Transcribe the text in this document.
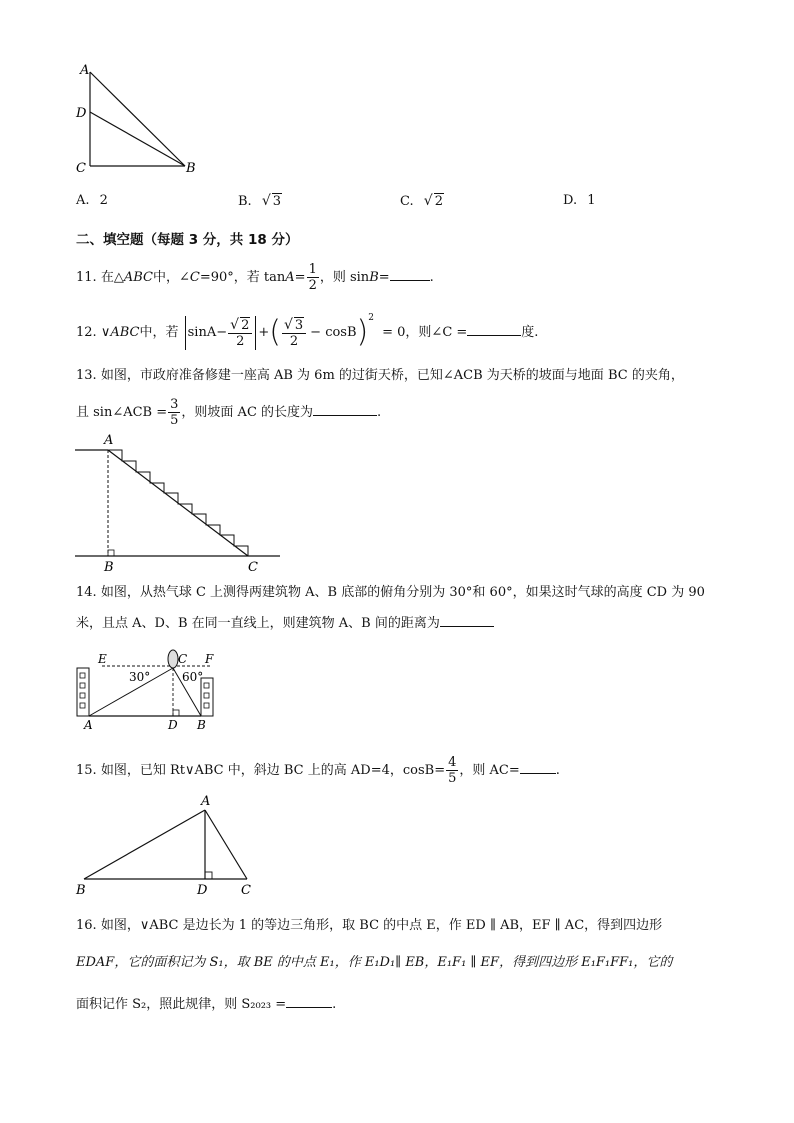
A
D
C	B
A. 2	B. √ 3	C. √ 2	D. 1
二、填空题（每题 3 分，共 18 分）
11. 在△ABC中，∠C=90°，若 $\tan A= \frac{1}{2}$ ，则 sinB=	.
12. ∨ABC中，若 $\sin A- \frac{√ 2}{2}$ +( $\frac{√ 3}{2} - \cos B)^2 = 0$，则∠C =	度.
13. 如图，市政府准备修建一座高 AB 为 6m 的过街天桥，已知∠ACB 为天桥的坡面与地面 BC 的夹角，
且 sin∠ACB = $\frac{3}{5}$ ，则坡面 AC 的长度为	.
A
B	C
14. 如图，从热气球 C 上测得两建筑物 A、B 底部的俯角分别为 30°和 60°，如果这时气球的高度 CD 为 90
米，且点 A、D、B 在同一直线上，则建筑物 A、B 间的距离为
E	C F
30°	60°
A	D B
15. 如图，已知 Rt∨ABC 中，斜边 BC 上的高 AD=4，$\cos B= \frac{4}{5}$ ，则 AC=	.
A
B	D	C
16. 如图，∨ABC 是边长为 1 的等边三角形，取 BC 的中点 E，作 ED ∥ AB，EF ∥ AC，得到四边形
EDAF，它的面积记为 S₁，取 BE 的中点 E₁，作 E₁D₁∥ EB，E₁F₁ ∥ EF，得到四边形 E₁F₁FF₁，它的
面积记作 S₂，照此规律，则 S₂₀₂₃ =	.
